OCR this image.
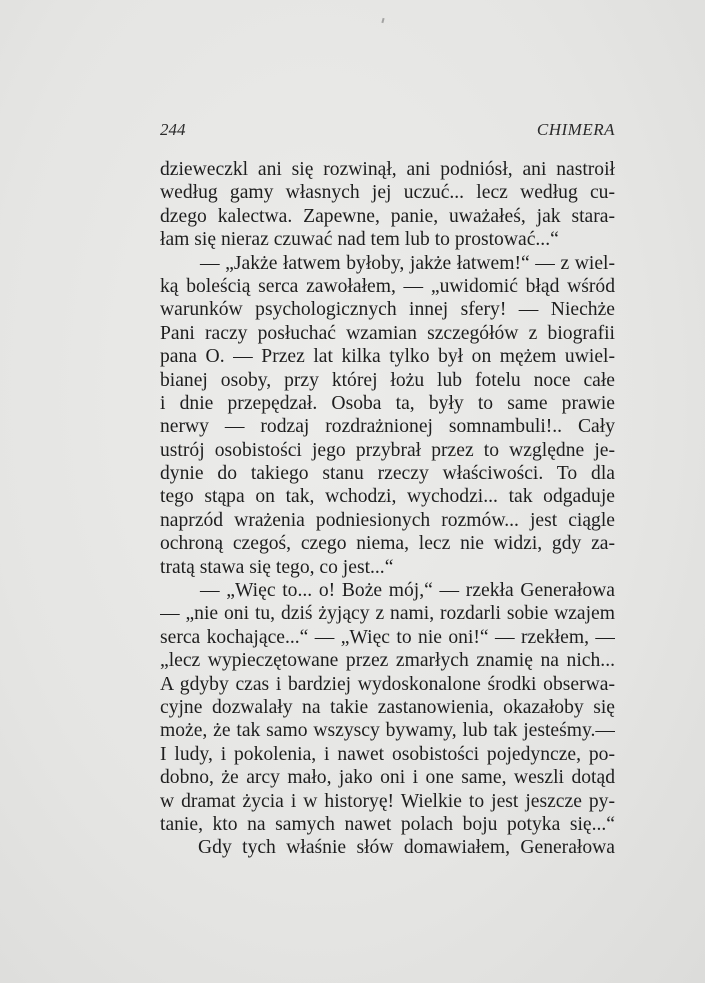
244	CHIMERA
dzieweczkl ani się rozwinął, ani podniósł, ani nastroił
według gamy własnych jej uczuć... lecz według cu-
dzego kalectwa. Zapewne, panie, uważałeś, jak stara-
łam się nieraz czuwać nad tem lub to prostować...“
— „Jakże łatwem byłoby, jakże łatwem!“ — z wiel-
ką boleścią serca zawołałem, — „uwidomić błąd wśród
warunków psychologicznych innej sfery! — Niechże
Pani raczy posłuchać wzamian szczegółów z biografii
pana O. — Przez lat kilka tylko był on mężem uwiel-
bianej osoby, przy której łożu lub fotelu noce całe
i dnie przepędzał. Osoba ta, były to same prawie
nerwy — rodzaj rozdrażnionej somnambuli!.. Cały
ustrój osobistości jego przybrał przez to względne je-
dynie do takiego stanu rzeczy właściwości. To dla
tego stąpa on tak, wchodzi, wychodzi... tak odgaduje
naprzód wrażenia podniesionych rozmów... jest ciągle
ochroną czegoś, czego niema, lecz nie widzi, gdy za-
tratą stawa się tego, co jest...“
— „Więc to... o! Boże mój,“ — rzekła Generałowa
— „nie oni tu, dziś żyjący z nami, rozdarli sobie wzajem
serca kochające...“ — „Więc to nie oni!“ — rzekłem, —
„lecz wypieczętowane przez zmarłych znamię na nich...
A gdyby czas i bardziej wydoskonalone środki obserwa-
cyjne dozwalały na takie zastanowienia, okazałoby się
może, że tak samo wszyscy bywamy, lub tak jesteśmy.—
I ludy, i pokolenia, i nawet osobistości pojedyncze, po-
dobno, że arcy mało, jako oni i one same, weszli dotąd
w dramat życia i w historyę! Wielkie to jest jeszcze py-
tanie, kto na samych nawet polach boju potyka się...“
Gdy tych właśnie słów domawiałem, Generałowa
